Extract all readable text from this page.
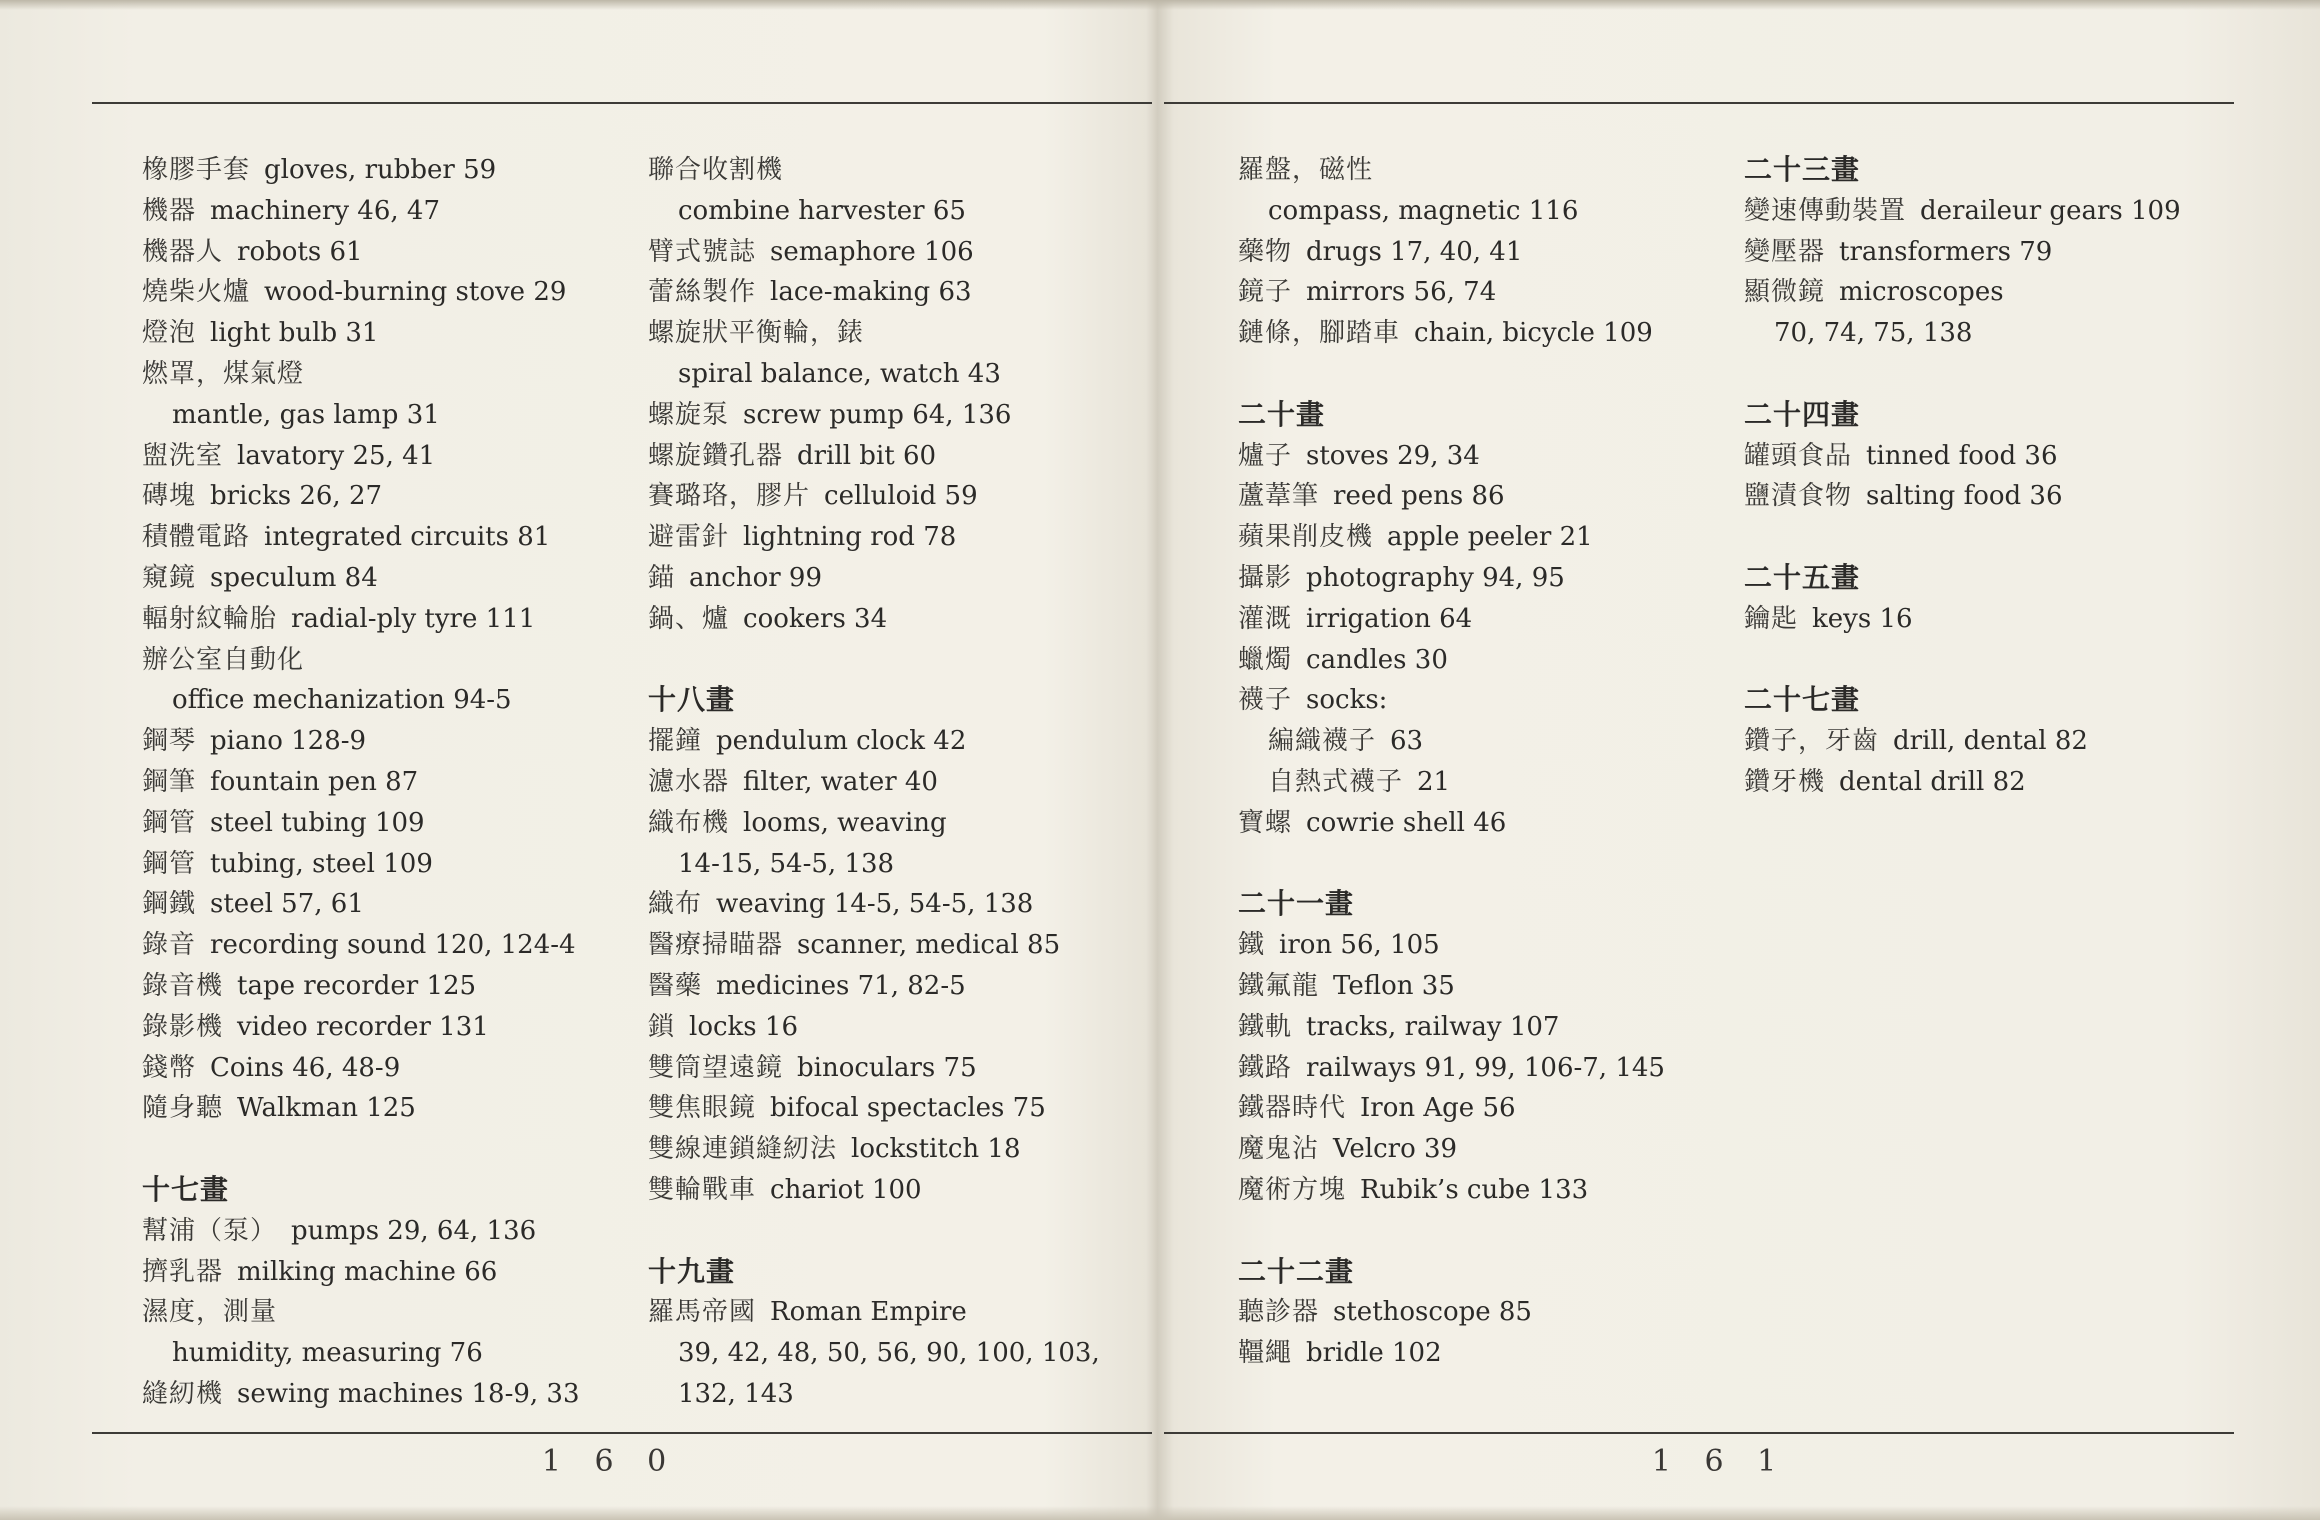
橡膠手套 gloves, rubber 59
機器 machinery 46, 47
機器人 robots 61
燒柴火爐 wood-burning stove 29
燈泡 light bulb 31
燃罩，煤氣燈
mantle, gas lamp 31
盥洗室 lavatory 25, 41
磚塊 bricks 26, 27
積體電路 integrated circuits 81
窺鏡 speculum 84
輻射紋輪胎 radial-ply tyre 111
辦公室自動化
office mechanization 94-5
鋼琴 piano 128-9
鋼筆 fountain pen 87
鋼管 steel tubing 109
鋼管 tubing, steel 109
鋼鐵 steel 57, 61
錄音 recording sound 120, 124-4
錄音機 tape recorder 125
錄影機 video recorder 131
錢幣 Coins 46, 48-9
隨身聽 Walkman 125
十七畫
幫浦（泵） pumps 29, 64, 136
擠乳器 milking machine 66
濕度，測量
humidity, measuring 76
縫紉機 sewing machines 18-9, 33
聯合收割機
combine harvester 65
臂式號誌 semaphore 106
蕾絲製作 lace-making 63
螺旋狀平衡輪，錶
spiral balance, watch 43
螺旋泵 screw pump 64, 136
螺旋鑽孔器 drill bit 60
賽璐珞，膠片 celluloid 59
避雷針 lightning rod 78
錨 anchor 99
鍋、爐 cookers 34
十八畫
擺鐘 pendulum clock 42
濾水器 filter, water 40
織布機 looms, weaving
14-15, 54-5, 138
織布 weaving 14-5, 54-5, 138
醫療掃瞄器 scanner, medical 85
醫藥 medicines 71, 82-5
鎖 locks 16
雙筒望遠鏡 binoculars 75
雙焦眼鏡 bifocal spectacles 75
雙線連鎖縫紉法 lockstitch 18
雙輪戰車 chariot 100
十九畫
羅馬帝國 Roman Empire
39, 42, 48, 50, 56, 90, 100, 103,
132, 143
1 6 0
羅盤，磁性
compass, magnetic 116
藥物 drugs 17, 40, 41
鏡子 mirrors 56, 74
鏈條，腳踏車 chain, bicycle 109
二十畫
爐子 stoves 29, 34
蘆葦筆 reed pens 86
蘋果削皮機 apple peeler 21
攝影 photography 94, 95
灌溉 irrigation 64
蠟燭 candles 30
襪子 socks:
編織襪子 63
自熱式襪子 21
寶螺 cowrie shell 46
二十一畫
鐵 iron 56, 105
鐵氟龍 Teflon 35
鐵軌 tracks, railway 107
鐵路 railways 91, 99, 106-7, 145
鐵器時代 Iron Age 56
魔鬼沾 Velcro 39
魔術方塊 Rubik’s cube 133
二十二畫
聽診器 stethoscope 85
韁繩 bridle 102
二十三畫
變速傳動裝置 derailеur gears 109
變壓器 transformers 79
顯微鏡 microscopes
70, 74, 75, 138
二十四畫
罐頭食品 tinned food 36
鹽漬食物 salting food 36
二十五畫
鑰匙 keys 16
二十七畫
鑽子，牙齒 drill, dental 82
鑽牙機 dental drill 82
1 6 1
